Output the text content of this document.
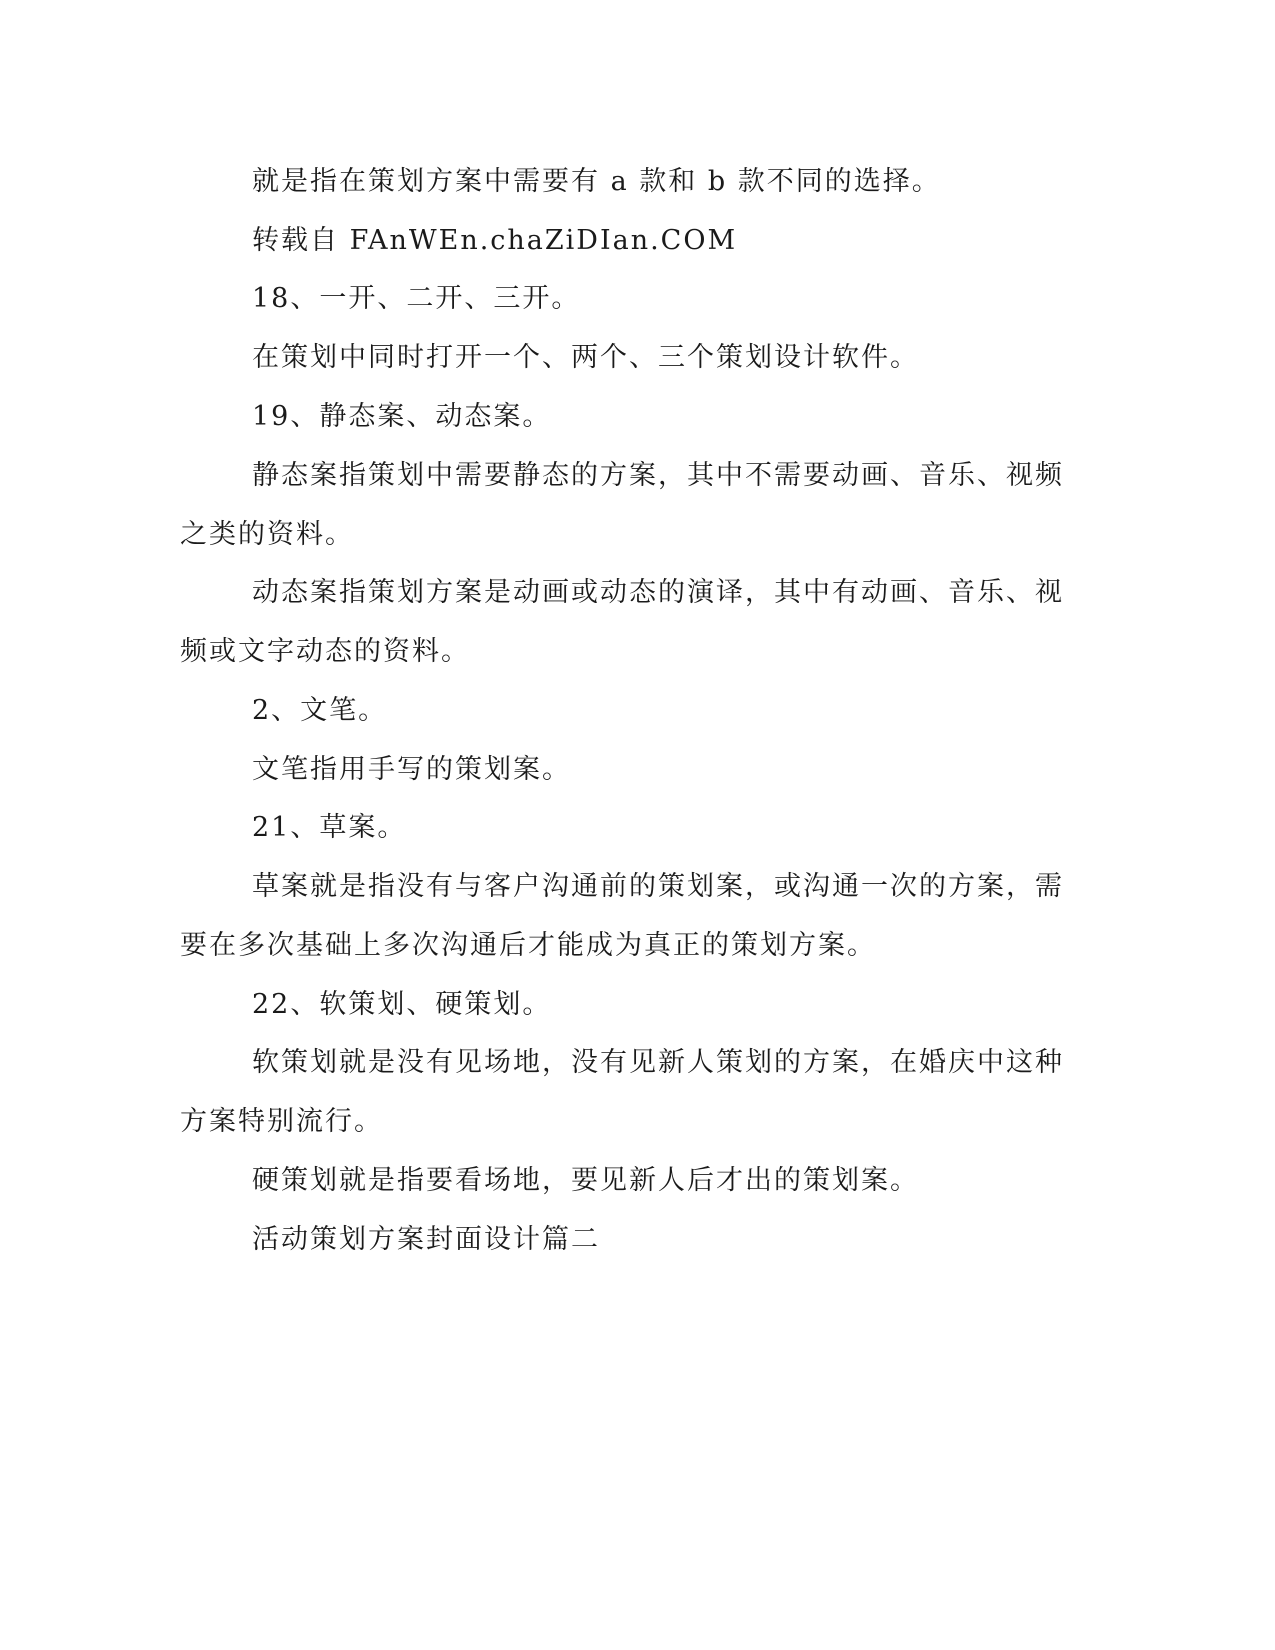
就是指在策划方案中需要有 a 款和 b 款不同的选择。
转载自 FAnWEn.chaZiDIan.COM
18、一开、二开、三开。
在策划中同时打开一个、两个、三个策划设计软件。
19、静态案、动态案。
静态案指策划中需要静态的方案，其中不需要动画、音乐、视频
之类的资料。
动态案指策划方案是动画或动态的演译，其中有动画、音乐、视
频或文字动态的资料。
2、文笔。
文笔指用手写的策划案。
21、草案。
草案就是指没有与客户沟通前的策划案，或沟通一次的方案，需
要在多次基础上多次沟通后才能成为真正的策划方案。
22、软策划、硬策划。
软策划就是没有见场地，没有见新人策划的方案，在婚庆中这种
方案特别流行。
硬策划就是指要看场地，要见新人后才出的策划案。
活动策划方案封面设计篇二
